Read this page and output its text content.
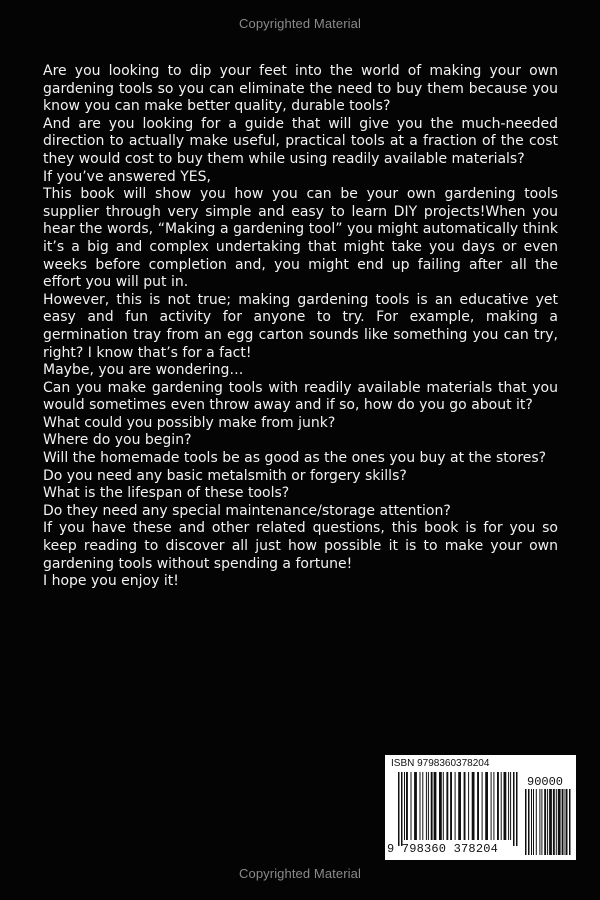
Copyrighted Material

Are you looking to dip your feet into the world of making your own gardening tools so you can eliminate the need to buy them because you know you can make better quality, durable tools?

And are you looking for a guide that will give you the much-needed direction to actually make useful, practical tools at a fraction of the cost they would cost to buy them while using readily available materials?

If you’ve answered YES,

This book will show you how you can be your own gardening tools supplier through very simple and easy to learn DIY projects!When you hear the words, “Making a gardening tool” you might automatically think it’s a big and complex undertaking that might take you days or even weeks before completion and, you might end up failing after all the effort you will put in.

However, this is not true; making gardening tools is an educative yet easy and fun activity for anyone to try. For example, making a germination tray from an egg carton sounds like something you can try, right? I know that’s for a fact!

Maybe, you are wondering…

Can you make gardening tools with readily available materials that you would sometimes even throw away and if so, how do you go about it?

What could you possibly make from junk?

Where do you begin?

Will the homemade tools be as good as the ones you buy at the stores?

Do you need any basic metalsmith or forgery skills?

What is the lifespan of these tools?

Do they need any special maintenance/storage attention?

If you have these and other related questions, this book is for you so keep reading to discover all just how possible it is to make your own gardening tools without spending a fortune!

I hope you enjoy it!

ISBN 9798360378204
90000
9 798360 378204
Copyrighted Material
